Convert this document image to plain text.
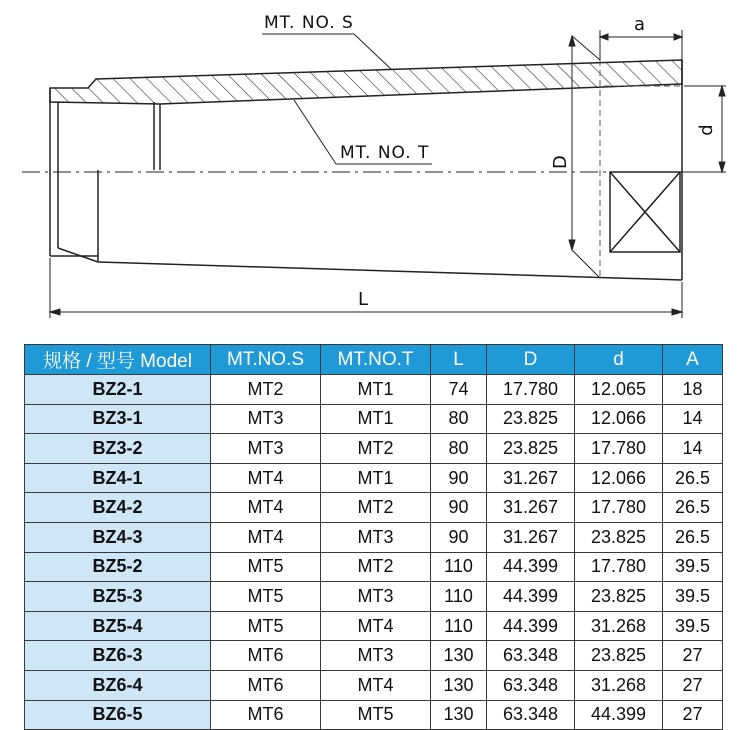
a
D
d
L
MT. NO. S
MT. NO. T
规格 / 型号 Model	MT.NO.S	MT.NO.T	L	D	d	A
BZ2-1	MT2	MT1	74	17.780	12.065	18
BZ3-1	MT3	MT1	80	23.825	12.066	14
BZ3-2	MT3	MT2	80	23.825	17.780	14
BZ4-1	MT4	MT1	90	31.267	12.066	26.5
BZ4-2	MT4	MT2	90	31.267	17.780	26.5
BZ4-3	MT4	MT3	90	31.267	23.825	26.5
BZ5-2	MT5	MT2	110	44.399	17.780	39.5
BZ5-3	MT5	MT3	110	44.399	23.825	39.5
BZ5-4	MT5	MT4	110	44.399	31.268	39.5
BZ6-3	MT6	MT3	130	63.348	23.825	27
BZ6-4	MT6	MT4	130	63.348	31.268	27
BZ6-5	MT6	MT5	130	63.348	44.399	27
